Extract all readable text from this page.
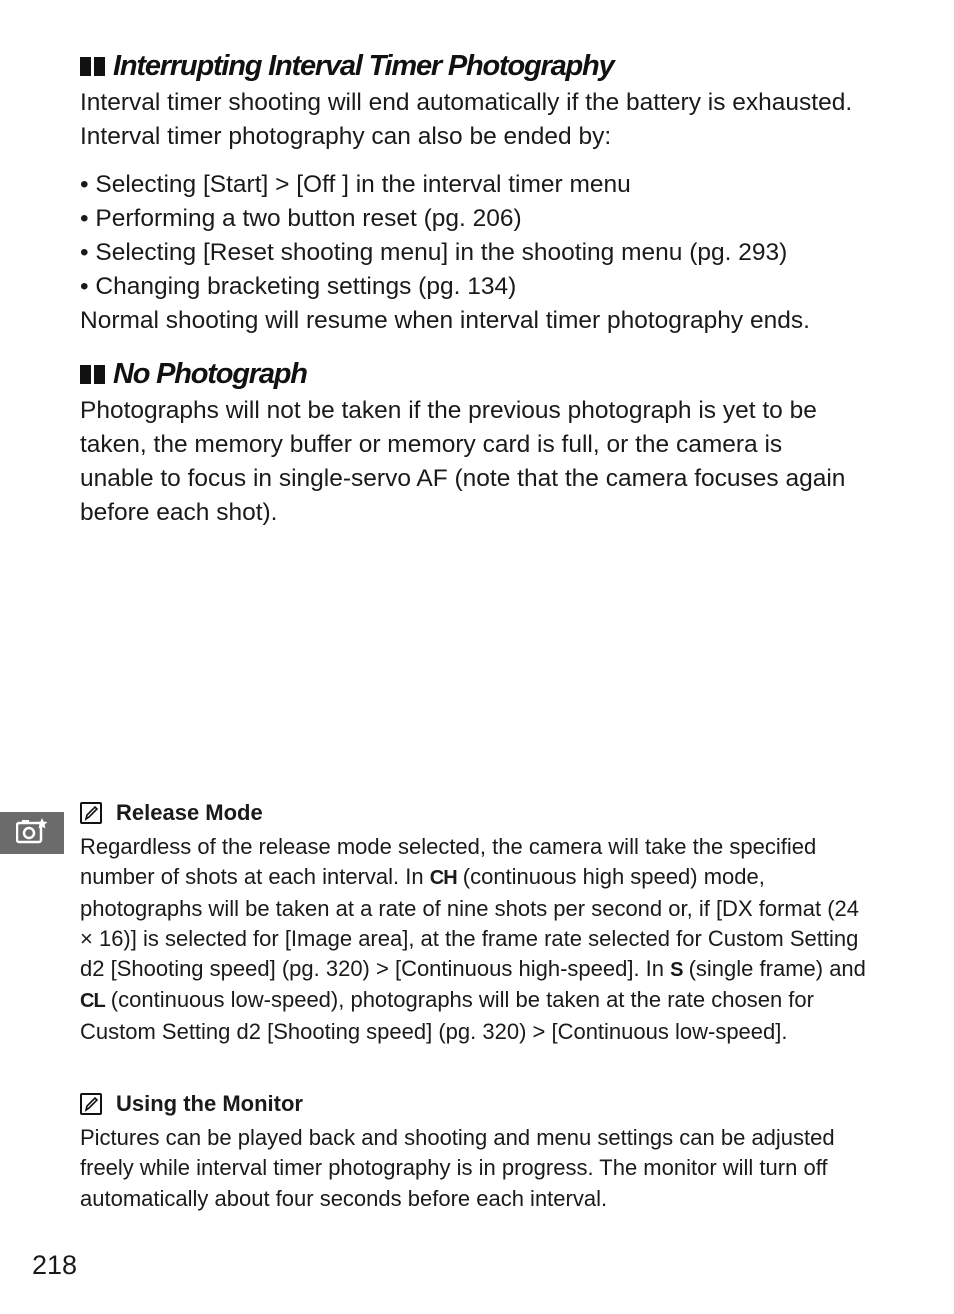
Interrupting Interval Timer Photography

Interval timer shooting will end automatically if the battery is exhausted. Interval timer photography can also be ended by:

• Selecting [Start] > [Off ] in the interval timer menu
• Performing a two button reset (pg. 206)
• Selecting [Reset shooting menu] in the shooting menu (pg. 293)
• Changing bracketing settings (pg. 134)

Normal shooting will resume when interval timer photography ends.

No Photograph

Photographs will not be taken if the previous photograph is yet to be taken, the memory buffer or memory card is full, or the camera is unable to focus in single-servo AF (note that the camera focuses again before each shot).

Release Mode

Regardless of the release mode selected, the camera will take the specified number of shots at each interval. In CH (continuous high speed) mode, photographs will be taken at a rate of nine shots per second or, if [DX format (24 × 16)] is selected for [Image area], at the frame rate selected for Custom Setting d2 [Shooting speed] (pg. 320) > [Continuous high-speed]. In S (single frame) and CL (continuous low-speed), photographs will be taken at the rate chosen for Custom Setting d2 [Shooting speed] (pg. 320) > [Continuous low-speed].

Using the Monitor

Pictures can be played back and shooting and menu settings can be adjusted freely while interval timer photography is in progress. The monitor will turn off automatically about four seconds before each interval.

218
